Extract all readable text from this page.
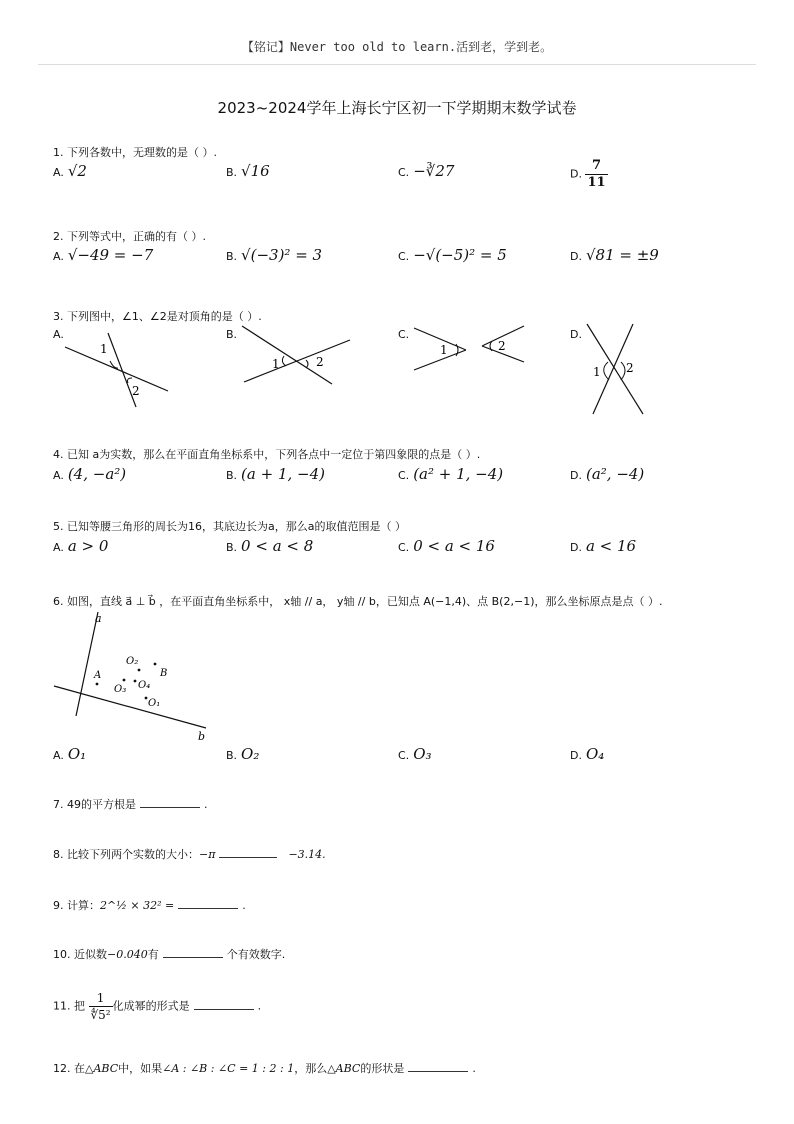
【铭记】Never too old to learn.活到老，学到老。
2023~2024学年上海长宁区初一下学期期末数学试卷
1. 下列各数中，无理数的是（ ）.
A. √2	B. √16	C. −∛27	D. $\frac{7}{11}$
2. 下列等式中，正确的有（ ）.
A. √−49 = −7	B. √(−3)² = 3	C. −√(−5)² = 5	D. √81 = ±9
3. 下列图中，∠1、∠2是对顶角的是（ ）.
A.	B.	C.	D.
1
2
1	2
1	2
1 2
4. 已知 a为实数，那么在平面直角坐标系中，下列各点中一定位于第四象限的点是（ ）.
A. (4, −a²)	B. (a + 1, −4)	C. (a² + 1, −4)	D. (a², −4)
5. 已知等腰三角形的周长为16，其底边长为a，那么a的取值范围是（ ）
A. a > 0	B. 0 < a < 8	C. 0 < a < 16	D. a < 16
6. 如图，直线 a⃗ ⊥ b⃗ ，在平面直角坐标系中， x轴 // a， y轴 // b，已知点 A(−1,4)、点 B(2,−1)，那么坐标原点是点（ ）.
a
b
A
O₂
B
O₃ O₄
O₁
A. O₁	B. O₂	C. O₃	D. O₄
7. 49的平方根是	.
8. 比较下列两个实数的大小：−π	−3.14.
9. 计算：2^½ × 32² =	.
10. 近似数−0.040有	个有效数字.
11. 把 $\frac{1}{\text{∜5²}}$ 化成幂的形式是	.
12. 在△ABC中，如果∠A : ∠B : ∠C = 1 : 2 : 1，那么△ABC的形状是	.
